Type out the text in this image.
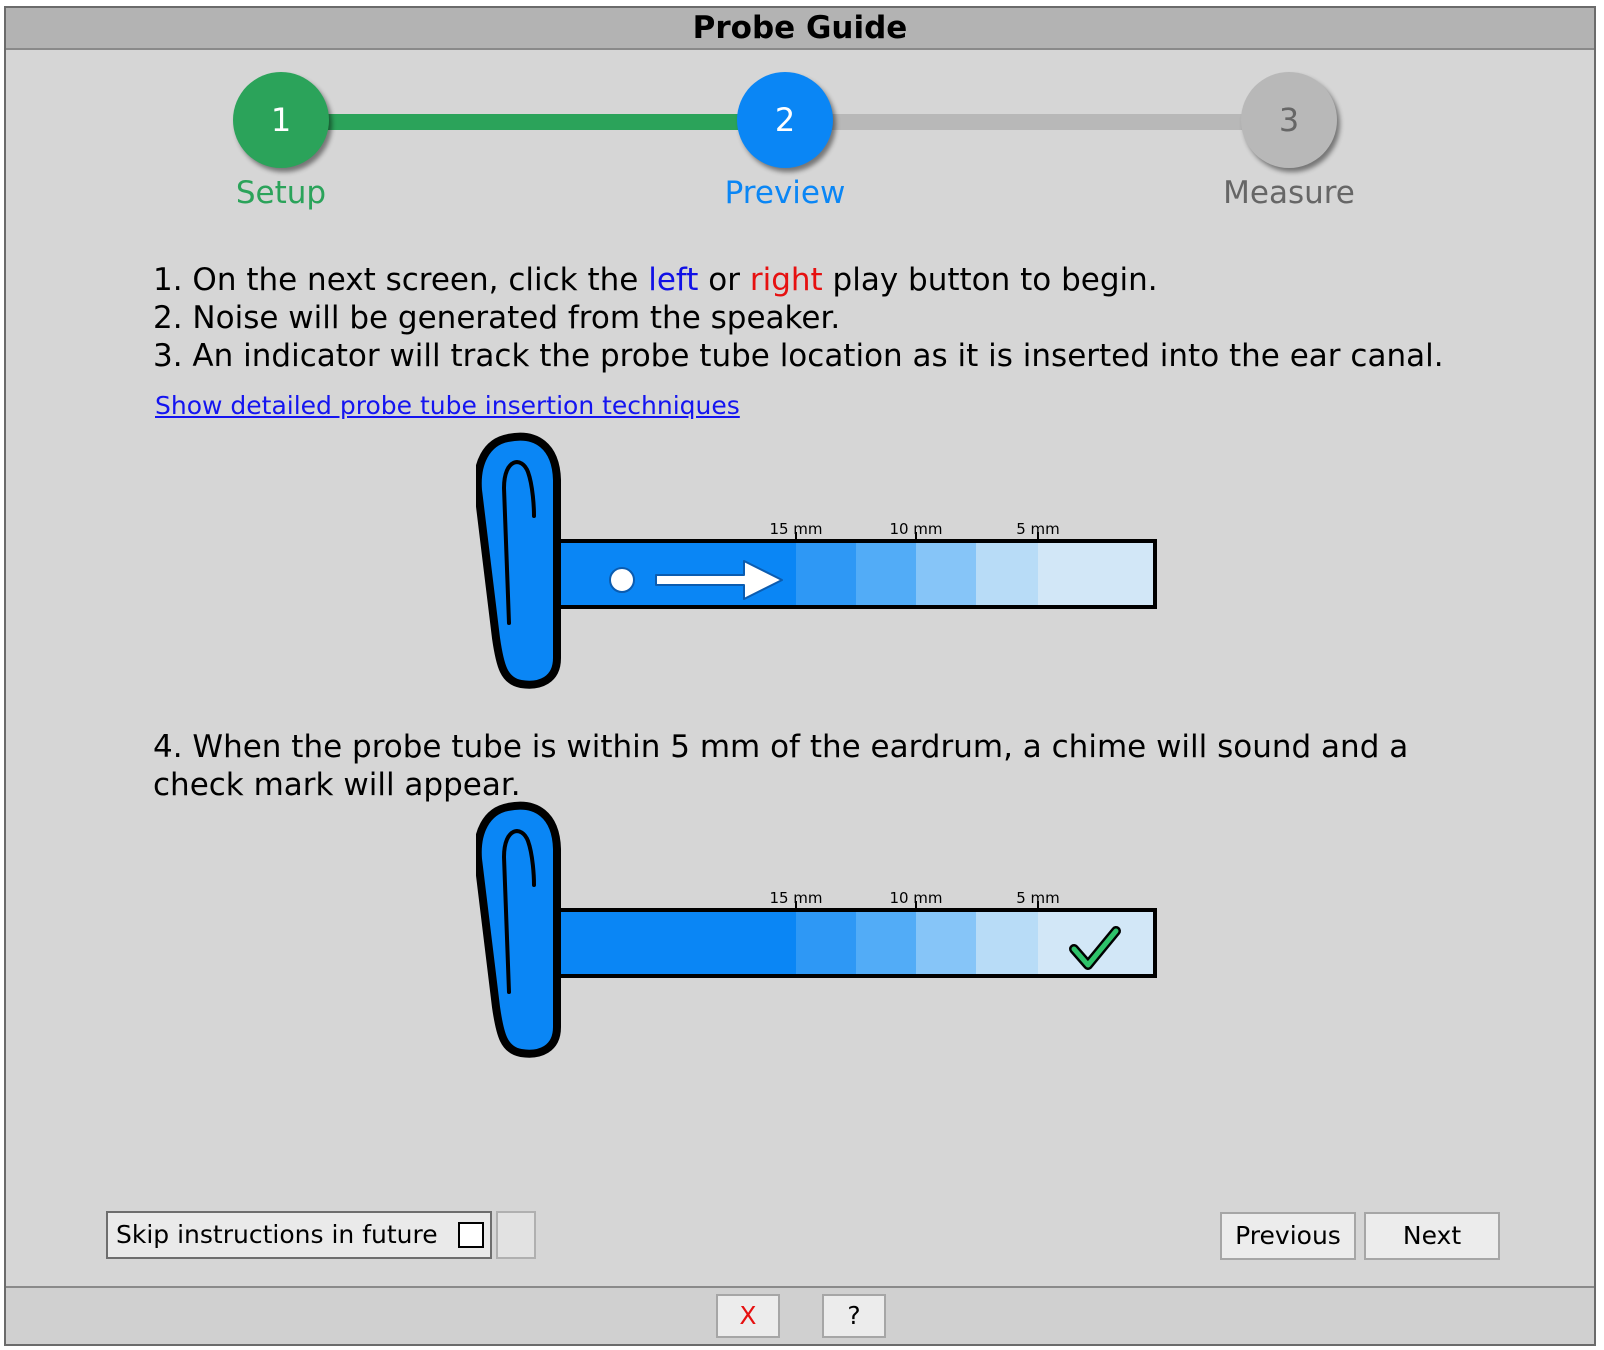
Probe Guide
1	2	3
Setup	Preview	Measure

1. On the next screen, click the left or right play button to begin.

2. Noise will be generated from the speaker.

3. An indicator will track the probe tube location as it is inserted into the ear canal.

Show detailed probe tube insertion techniques
15 mm	10 mm	5 mm

4. When the probe tube is within 5 mm of the eardrum, a chime will sound and a

check mark will appear.

15 mm	10 mm	5 mm
Skip instructions in future	Previous	Next
X	?
